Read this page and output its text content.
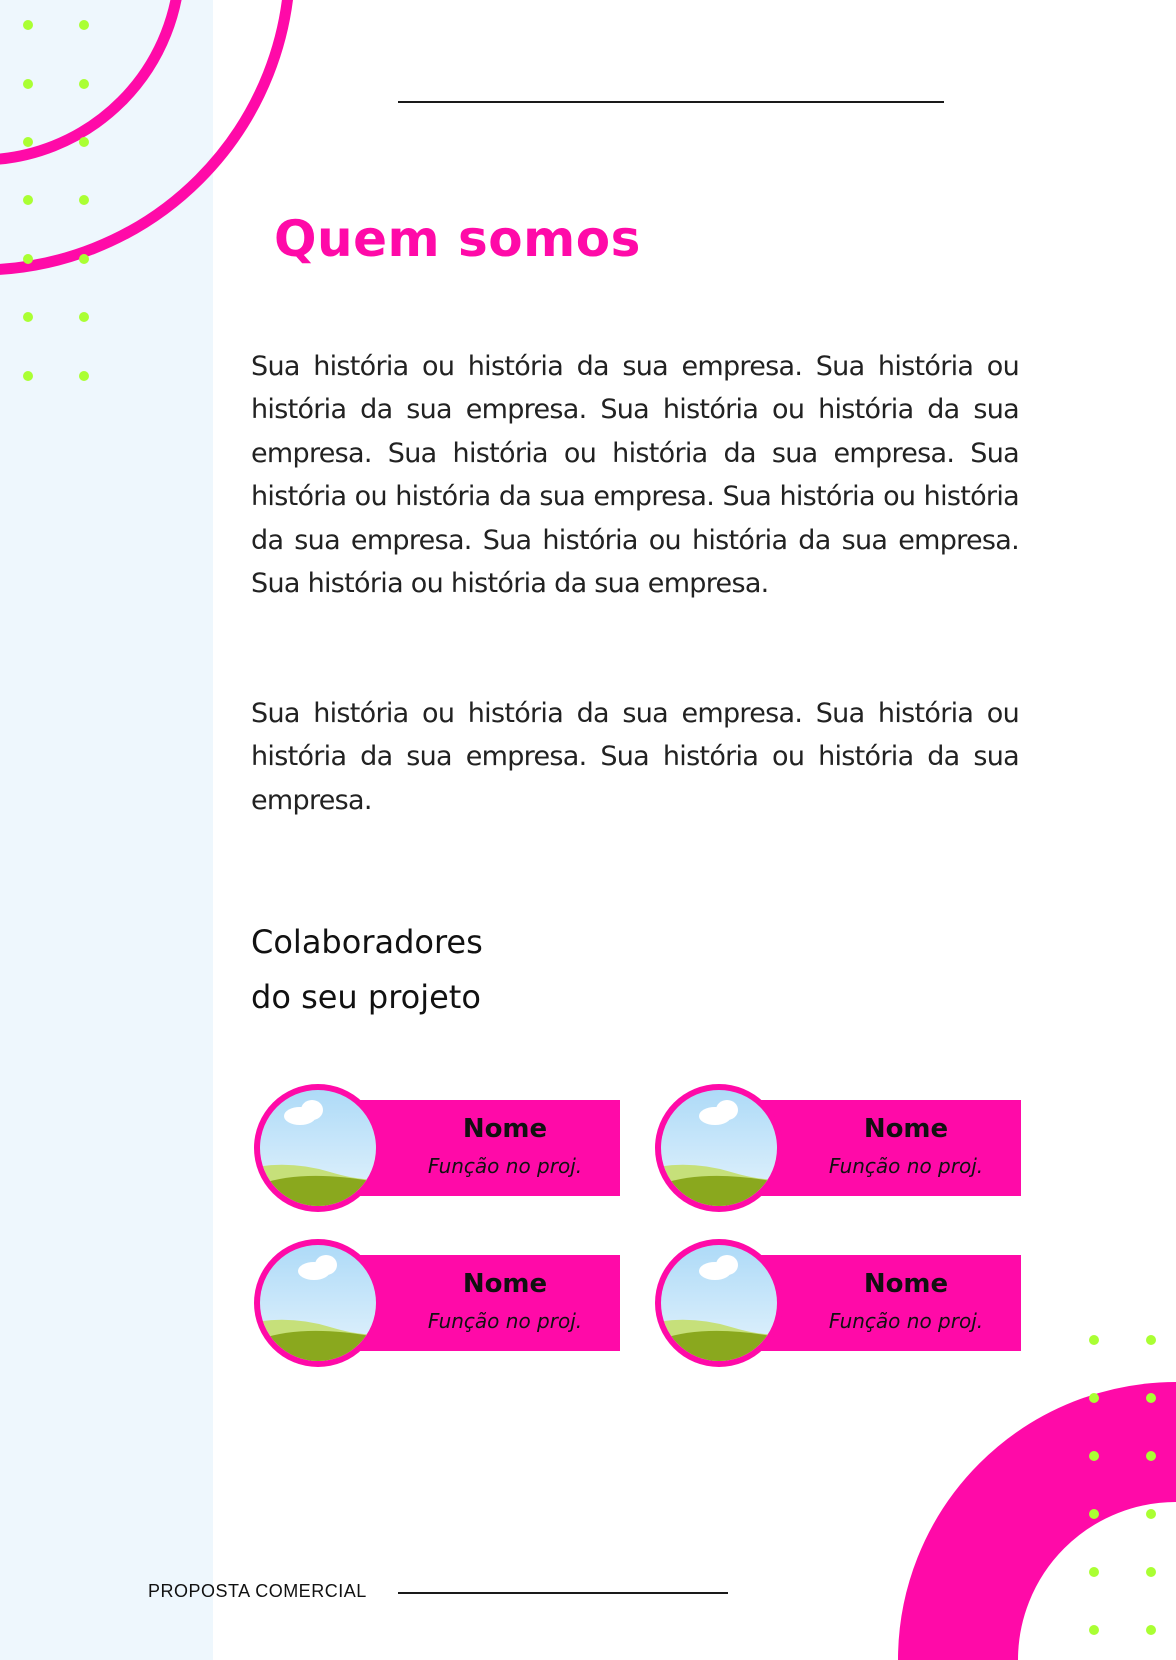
Quem somos

Sua história ou história da sua empresa. Sua história ou história da sua empresa. Sua história ou história da sua empresa. Sua história ou história da sua empresa. Sua história ou história da sua empresa. Sua história ou história da sua empresa. Sua história ou história da sua empresa. Sua história ou história da sua empresa.

Sua história ou história da sua empresa. Sua história ou história da sua empresa. Sua história ou história da sua empresa.

Colaboradores
do seu projeto

Nome

Função no proj.

Nome

Função no proj.

Nome

Função no proj.

Nome

Função no proj.

PROPOSTA COMERCIAL
